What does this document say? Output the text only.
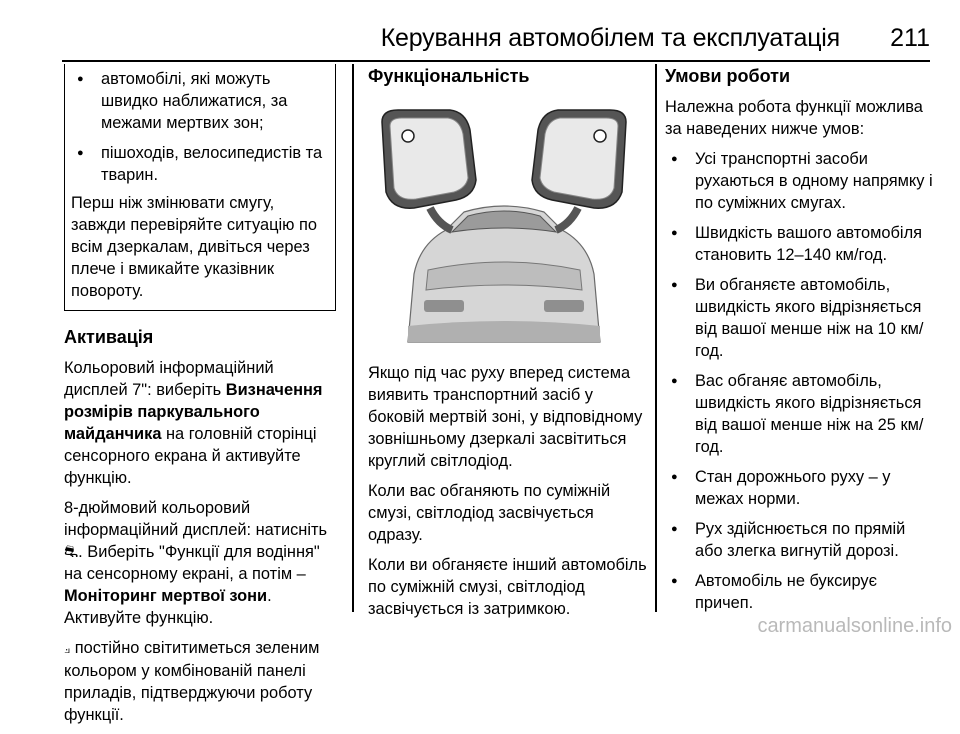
Керування автомобілем та експлуатація 211
● автомобілі, які можуть швидко наближатися, за межами мертвих зон;
● пішоходів, велосипедистів та тварин.
Перш ніж змінювати смугу, завжди перевіряйте ситуацію по всім дзеркалам, дивіться через плече і вмикайте указівник повороту.
Активація
Кольоровий інформаційний дисплей 7": виберіть Визначення розмірів паркувального майданчика на головній сторінці сенсорного екрана й активуйте функцію.
8-дюймовий кольоровий інформаційний дисплей: натисніть ⛐. Виберіть "Функції для водіння" на сенсорному екрані, а потім – Моніторинг мертвої зони. Активуйте функцію.
⟓ постійно світитиметься зеленим кольором у комбінованій панелі приладів, підтверджуючи роботу функції.
Функціональність
Якщо під час руху вперед система виявить транспортний засіб у боковій мертвій зоні, у відповідному зовнішньому дзеркалі засвітиться круглий світлодіод.
Коли вас обганяють по суміжній смузі, світлодіод засвічується одразу.
Коли ви обганяєте інший автомобіль по суміжній смузі, світлодіод засвічується із затримкою.
Умови роботи
Належна робота функції можлива за наведених нижче умов:
● Усі транспортні засоби рухаються в одному напрямку і по суміжних смугах.
● Швидкість вашого автомобіля становить 12–140 км/год.
● Ви обганяєте автомобіль, швидкість якого відрізняється від вашої менше ніж на 10 км/год.
● Вас обганяє автомобіль, швидкість якого відрізняється від вашої менше ніж на 25 км/год.
● Стан дорожнього руху – у межах норми.
● Рух здійснюється по прямій або злегка вигнутій дорозі.
● Автомобіль не буксирує причеп.
carmanualsonline.info
